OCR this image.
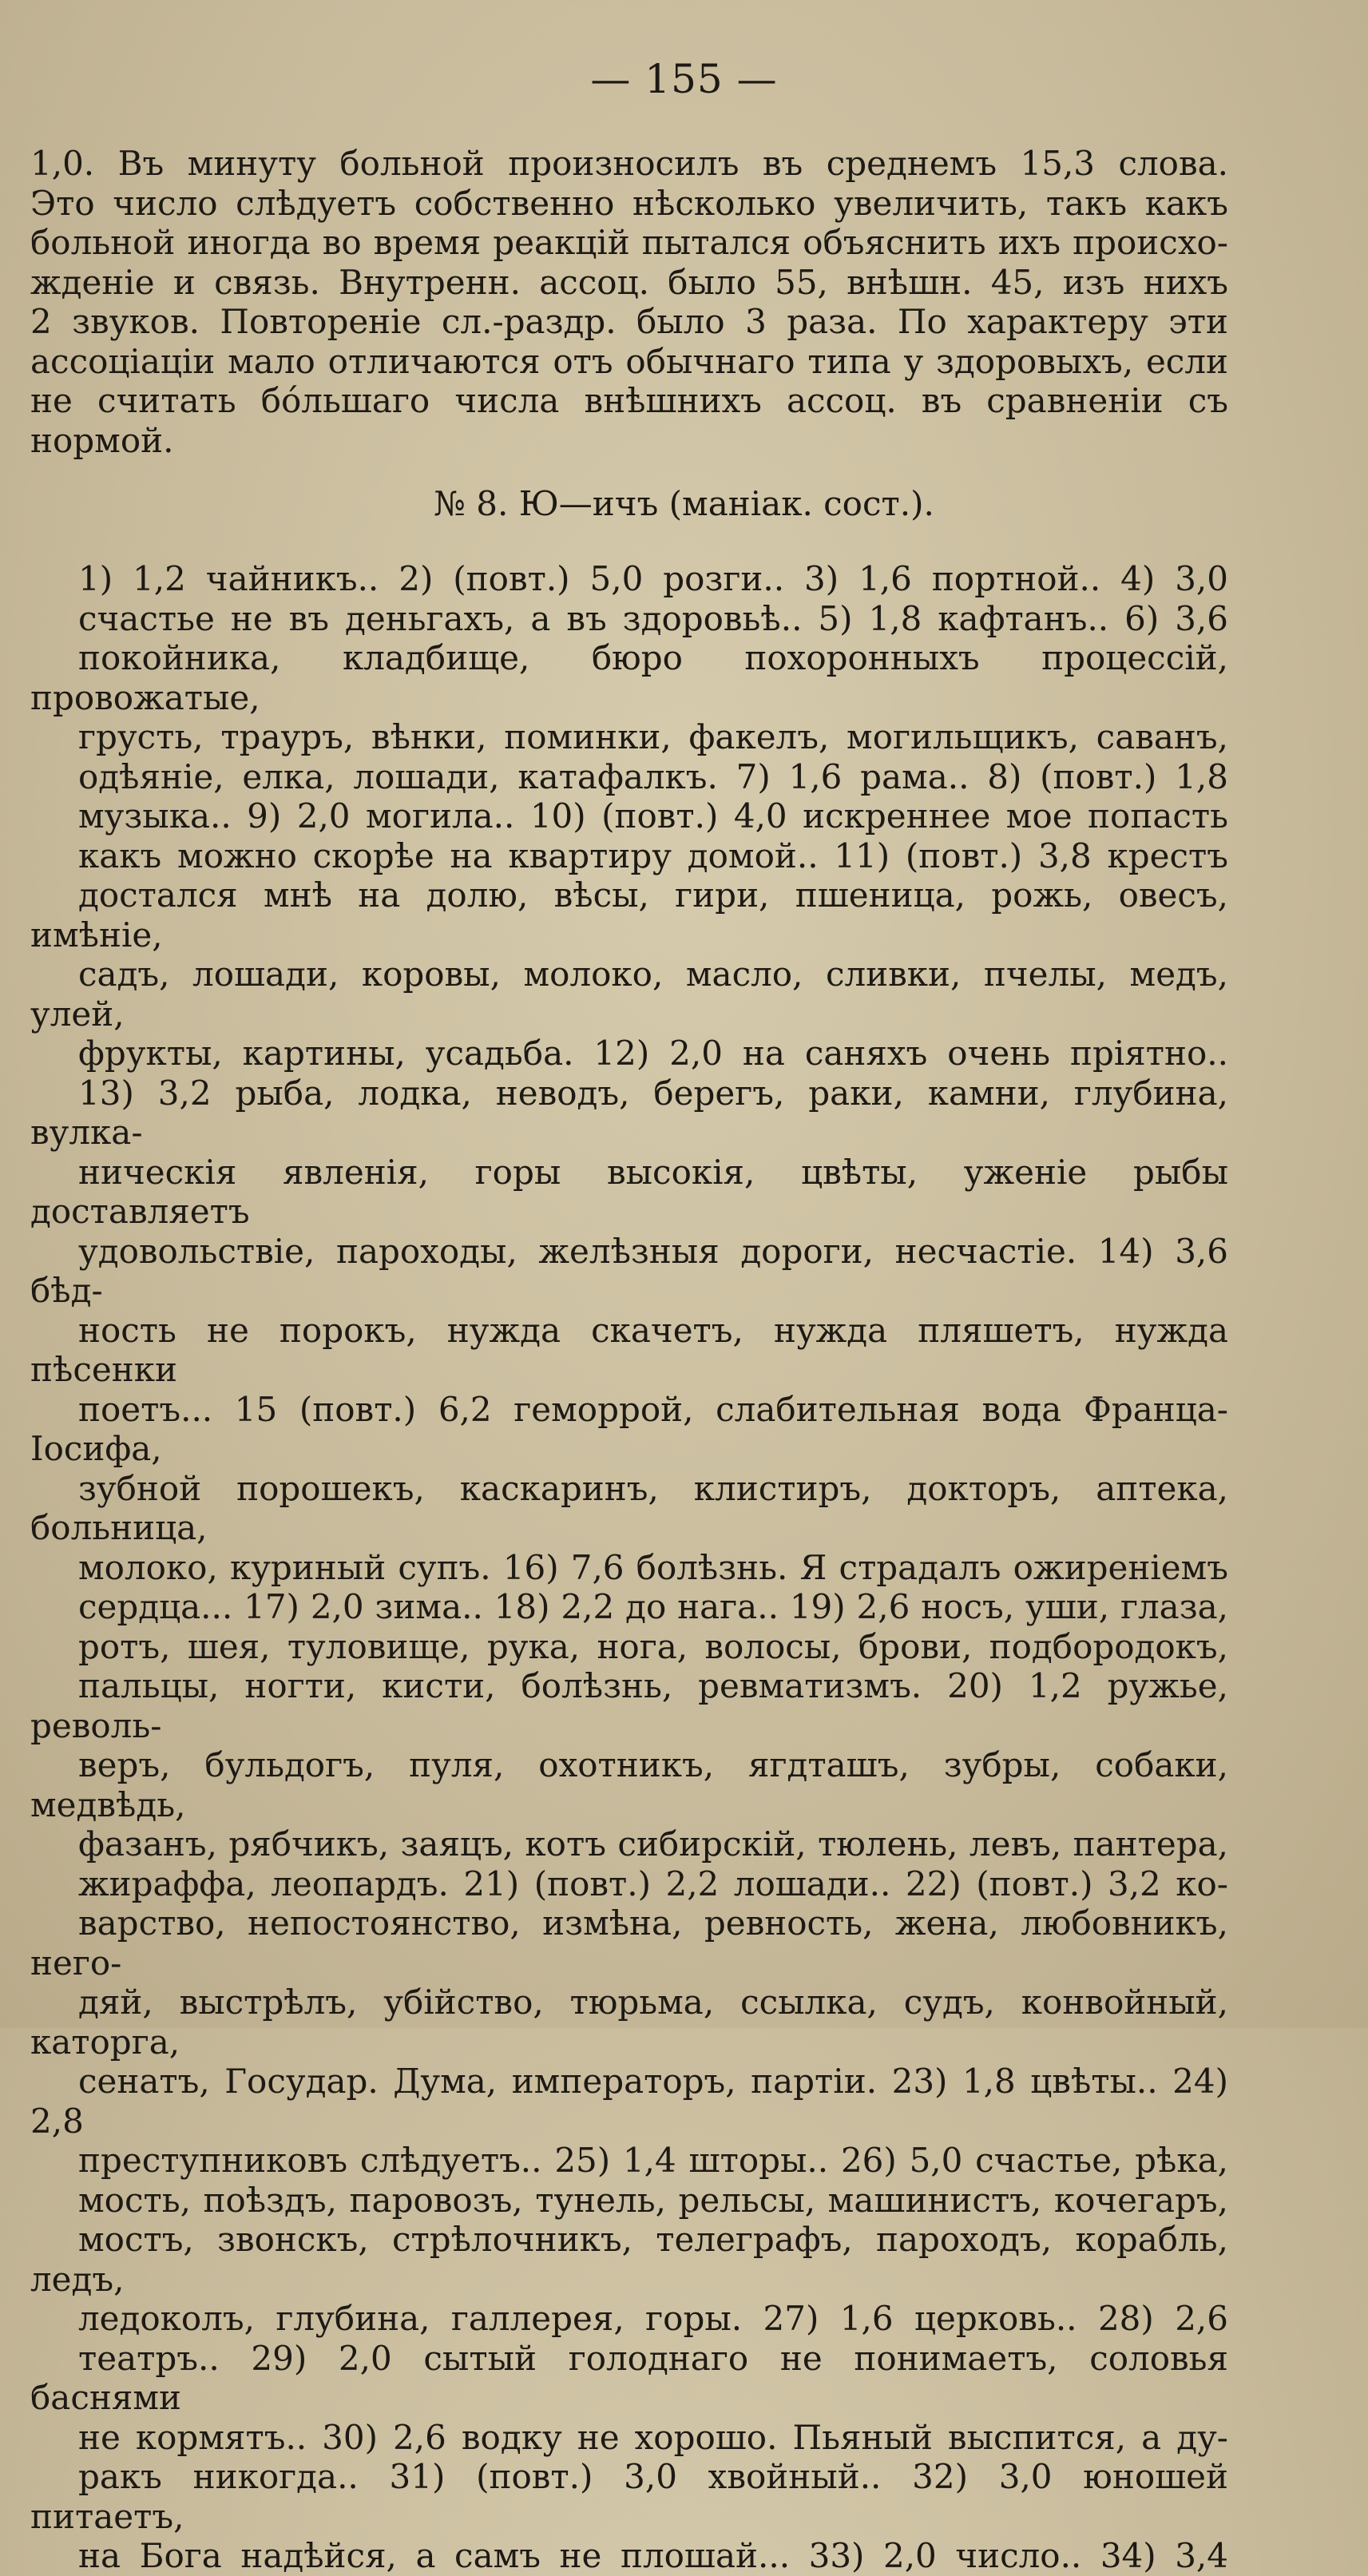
— 155 —
1,0. Въ минуту больной произносилъ въ среднемъ 15,3 слова.
Это число слѣдуетъ собственно нѣсколько увеличить, такъ какъ
больной иногда во время реакцій пытался объяснить ихъ происхо-
жденіе и связь. Внутренн. ассоц. было 55, внѣшн. 45, изъ нихъ
2 звуков. Повтореніе сл.-раздр. было 3 раза. По характеру эти
ассоціаціи мало отличаются отъ обычнаго типа у здоровыхъ, если
не считать бо́льшаго числа внѣшнихъ ассоц. въ сравненіи съ
нормой.
№ 8. Ю—ичъ (маніак. сост.).
1) 1,2 чайникъ.. 2) (повт.) 5,0 розги.. 3) 1,6 портной.. 4) 3,0
счастье не въ деньгахъ, а въ здоровьѣ.. 5) 1,8 кафтанъ.. 6) 3,6
покойника, кладбище, бюро похоронныхъ процессій, провожатые,
грусть, трауръ, вѣнки, поминки, факелъ, могильщикъ, саванъ,
одѣяніе, елка, лошади, катафалкъ. 7) 1,6 рама.. 8) (повт.) 1,8
музыка.. 9) 2,0 могила.. 10) (повт.) 4,0 искреннее мое попасть
какъ можно скорѣе на квартиру домой.. 11) (повт.) 3,8 крестъ
достался мнѣ на долю, вѣсы, гири, пшеница, рожь, овесъ, имѣніе,
садъ, лошади, коровы, молоко, масло, сливки, пчелы, медъ, улей,
фрукты, картины, усадьба. 12) 2,0 на саняхъ очень пріятно..
13) 3,2 рыба, лодка, неводъ, берегъ, раки, камни, глубина, вулка-
ническія явленія, горы высокія, цвѣты, уженіе рыбы доставляетъ
удовольствіе, пароходы, желѣзныя дороги, несчастіе. 14) 3,6 бѣд-
ность не порокъ, нужда скачетъ, нужда пляшетъ, нужда пѣсенки
поетъ... 15 (повт.) 6,2 геморрой, слабительная вода Франца-Іосифа,
зубной порошекъ, каскаринъ, клистиръ, докторъ, аптека, больница,
молоко, куриный супъ. 16) 7,6 болѣзнь. Я страдалъ ожиреніемъ
сердца... 17) 2,0 зима.. 18) 2,2 до нага.. 19) 2,6 носъ, уши, глаза,
ротъ, шея, туловище, рука, нога, волосы, брови, подбородокъ,
пальцы, ногти, кисти, болѣзнь, ревматизмъ. 20) 1,2 ружье, револь-
веръ, бульдогъ, пуля, охотникъ, ягдташъ, зубры, собаки, медвѣдь,
фазанъ, рябчикъ, заяцъ, котъ сибирскій, тюлень, левъ, пантера,
жираффа, леопардъ. 21) (повт.) 2,2 лошади.. 22) (повт.) 3,2 ко-
варство, непостоянство, измѣна, ревность, жена, любовникъ, него-
дяй, выстрѣлъ, убійство, тюрьма, ссылка, судъ, конвойный, каторга,
сенатъ, Государ. Дума, императоръ, партіи. 23) 1,8 цвѣты.. 24) 2,8
преступниковъ слѣдуетъ.. 25) 1,4 шторы.. 26) 5,0 счастье, рѣка,
мость, поѣздъ, паровозъ, тунель, рельсы, машинистъ, кочегаръ,
мостъ, звонскъ, стрѣлочникъ, телеграфъ, пароходъ, корабль, ледъ,
ледоколъ, глубина, галлерея, горы. 27) 1,6 церковь.. 28) 2,6
театръ.. 29) 2,0 сытый голоднаго не понимаетъ, соловья баснями
не кормятъ.. 30) 2,6 водку не хорошо. Пьяный выспится, а ду-
ракъ никогда.. 31) (повт.) 3,0 хвойный.. 32) 3,0 юношей питаетъ,
на Бога надѣйся, а самъ не плошай... 33) 2,0 число.. 34) 3,4
